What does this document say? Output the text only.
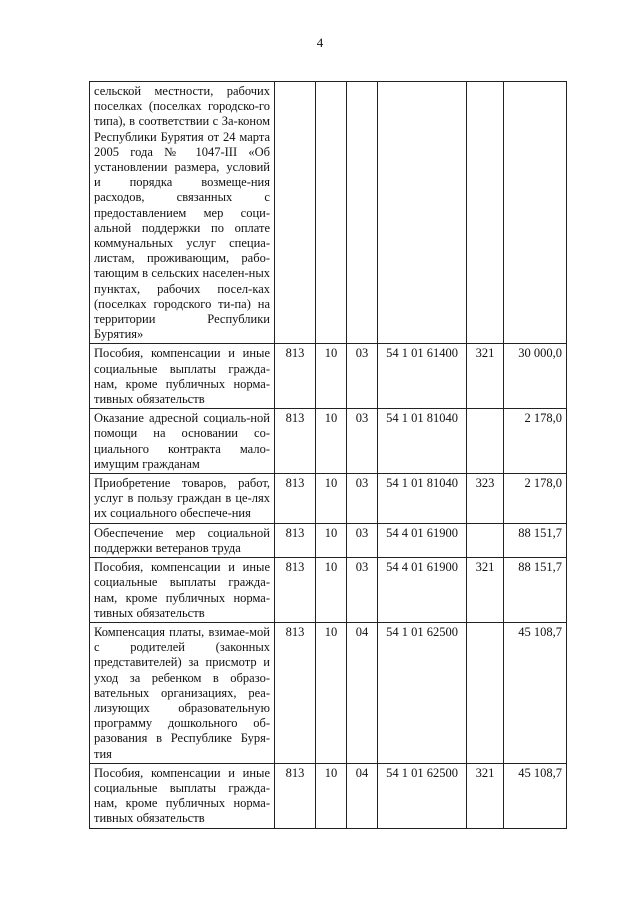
4
сельской местности, рабочих поселках (поселках городско-го типа), в соответствии с За-коном Республики Бурятия от 24 марта 2005 года № 1047-III «Об установлении размера, условий и порядка возмеще-ния расходов, связанных с предоставлением мер соци-альной поддержки по оплате коммунальных услуг специа-листам, проживающим, рабо-тающим в сельских населен-ных пунктах, рабочих посел-ках (поселках городского ти-па) на территории Республики Бурятия»						
Пособия, компенсации и иные социальные выплаты гражда-нам, кроме публичных норма-тивных обязательств	813	10	03	54 1 01 61400	321	30 000,0
Оказание адресной социаль-ной помощи на основании со-циального контракта мало-имущим гражданам	813	10	03	54 1 01 81040		2 178,0
Приобретение товаров, работ, услуг в пользу граждан в це-лях их социального обеспече-ния	813	10	03	54 1 01 81040	323	2 178,0
Обеспечение мер социальной поддержки ветеранов труда	813	10	03	54 4 01 61900		88 151,7
Пособия, компенсации и иные социальные выплаты гражда-нам, кроме публичных норма-тивных обязательств	813	10	03	54 4 01 61900	321	88 151,7
Компенсация платы, взимае-мой с родителей (законных представителей) за присмотр и уход за ребенком в образо-вательных организациях, реа-лизующих образовательную программу дошкольного об-разования в Республике Буря-тия	813	10	04	54 1 01 62500		45 108,7
Пособия, компенсации и иные социальные выплаты гражда-нам, кроме публичных норма-тивных обязательств	813	10	04	54 1 01 62500	321	45 108,7
